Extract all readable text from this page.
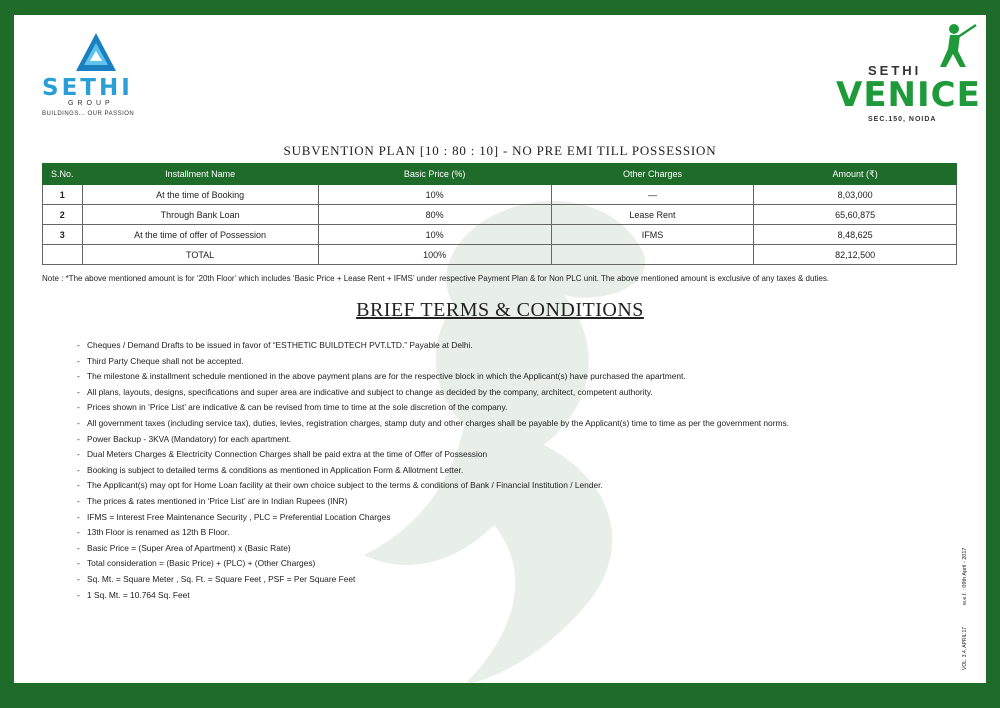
SETHI
GROUP
BUILDINGS... OUR PASSION
SETHI
VENICE
SEC.150, NOIDA
SUBVENTION PLAN [10 : 80 : 10] - NO PRE EMI TILL POSSESSION
S.No.	Installment Name	Basic Price (%)	Other Charges	Amount (₹)
1	At the time of Booking	10%	—	8,03,000
2	Through Bank Loan	80%	Lease Rent	65,60,875
3	At the time of offer of Possession	10%	IFMS	8,48,625
	TOTAL	100%		82,12,500
Note : *The above mentioned amount is for ‘20th Floor’ which includes ‘Basic Price + Lease Rent + IFMS’ under respective Payment Plan & for Non PLC unit. The above mentioned amount is exclusive of any taxes & duties.
BRIEF TERMS & CONDITIONS
- Cheques / Demand Drafts to be issued in favor of “ESTHETIC BUILDTECH PVT.LTD.” Payable at Delhi.
- Third Party Cheque shall not be accepted.
- The milestone & installment schedule mentioned in the above payment plans are for the respective block in which the Applicant(s) have purchased the apartment.
- All plans, layouts, designs, specifications and super area are indicative and subject to change as decided by the company, architect, competent authority.
- Prices shown in ‘Price List’ are indicative & can be revised from time to time at the sole discretion of the company.
- All government taxes (including service tax), duties, levies, registration charges, stamp duty and other charges shall be payable by the Applicant(s) time to time as per the government norms.
- Power Backup - 3KVA (Mandatory) for each apartment.
- Dual Meters Charges & Electricity Connection Charges shall be paid extra at the time of Offer of Possession
- Booking is subject to detailed terms & conditions as mentioned in Application Form & Allotment Letter.
- The Applicant(s) may opt for Home Loan facility at their own choice subject to the terms & conditions of Bank / Financial Institution / Lender.
- The prices & rates mentioned in ‘Price List’ are in Indian Rupees (INR)
- IFMS = Interest Free Maintenance Security , PLC = Preferential Location Charges
- 13th Floor is renamed as 12th B Floor.
- Basic Price = (Super Area of Apartment) x (Basic Rate)
- Total consideration = (Basic Price) + (PLC) + (Other Charges)
- Sq. Mt. = Square Meter , Sq. Ft. = Square Feet , PSF = Per Square Feet
- 1 Sq. Mt. = 10.764 Sq. Feet	w.e.f. : 09th April - 2017
VOL. 3.4, APRIL’17
